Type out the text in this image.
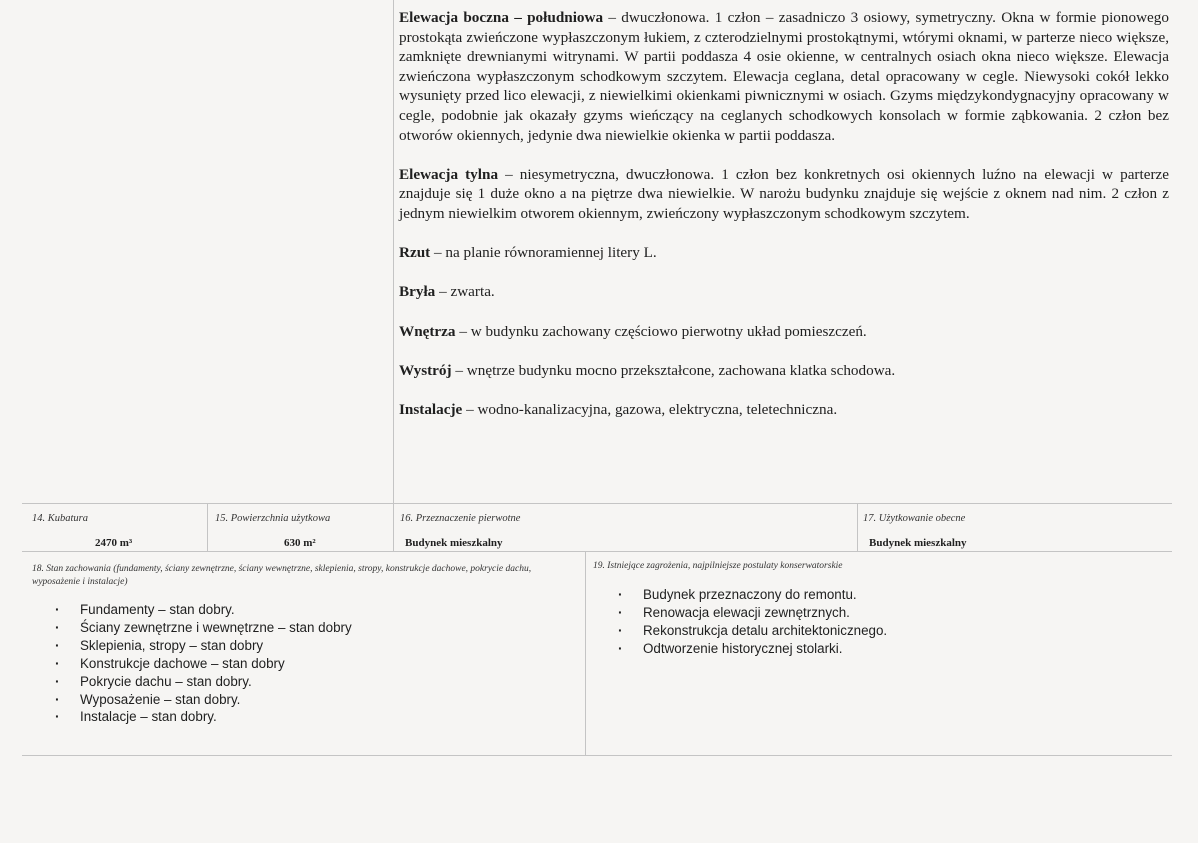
Elewacja boczna – południowa – dwuczłonowa. 1 człon – zasadniczo 3 osiowy, symetryczny. Okna w formie pionowego prostokąta zwieńczone wypłaszczonym łukiem, z czterodzielnymi prostokątnymi, wtórymi oknami, w parterze nieco większe, zamknięte drewnianymi witrynami. W partii poddasza 4 osie okienne, w centralnych osiach okna nieco większe. Elewacja zwieńczona wypłaszczonym schodkowym szczytem. Elewacja ceglana, detal opracowany w cegle. Niewysoki cokół lekko wysunięty przed lico elewacji, z niewielkimi okienkami piwnicznymi w osiach. Gzyms międzykondygnacyjny opracowany w cegle, podobnie jak okazały gzyms wieńczący na ceglanych schodkowych konsolach w formie ząbkowania. 2 człon bez otworów okiennych, jedynie dwa niewielkie okienka w partii poddasza.

Elewacja tylna – niesymetryczna, dwuczłonowa. 1 człon bez konkretnych osi okiennych luźno na elewacji w parterze znajduje się 1 duże okno a na piętrze dwa niewielkie. W narożu budynku znajduje się wejście z oknem nad nim. 2 człon z jednym niewielkim otworem okiennym, zwieńczony wypłaszczonym schodkowym szczytem.

Rzut – na planie równoramiennej litery L.

Bryła – zwarta.

Wnętrza – w budynku zachowany częściowo pierwotny układ pomieszczeń.

Wystrój – wnętrze budynku mocno przekształcone, zachowana klatka schodowa.

Instalacje – wodno-kanalizacyjna, gazowa, elektryczna, teletechniczna.

14. Kubatura
2470 m³
15. Powierzchnia użytkowa
630 m²
16. Przeznaczenie pierwotne
Budynek mieszkalny
17. Użytkowanie obecne
Budynek mieszkalny
18. Stan zachowania (fundamenty, ściany zewnętrzne, ściany wewnętrzne, sklepienia, stropy, konstrukcje dachowe, pokrycie dachu, wyposażenie i instalacje)
· Fundamenty – stan dobry.
· Ściany zewnętrzne i wewnętrzne – stan dobry
· Sklepienia, stropy – stan dobry
· Konstrukcje dachowe – stan dobry
· Pokrycie dachu – stan dobry.
· Wyposażenie – stan dobry.
· Instalacje – stan dobry.
19. Istniejące zagrożenia, najpilniejsze postulaty konserwatorskie
· Budynek przeznaczony do remontu.
· Renowacja elewacji zewnętrznych.
· Rekonstrukcja detalu architektonicznego.
· Odtworzenie historycznej stolarki.
